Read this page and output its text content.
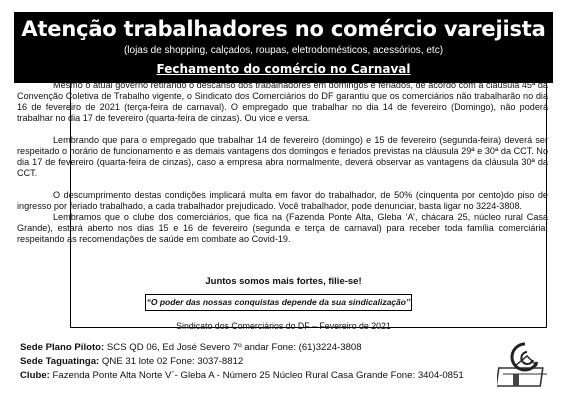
Atenção trabalhadores no comércio varejista
(lojas de shopping, calçados, roupas, eletrodomésticos, acessórios, etc)
Fechamento do comércio no Carnaval

Mesmo o atual governo retirando o descanso dos trabalhadores em domingos e feriados, de acordo com a cláusula 45ª da Convenção Coletiva de Trabalho vigente, o Sindicato dos Comerciários do DF garantiu que os comerciários não trabalharão no dia 16 de fevereiro de 2021 (terça-feira de carnaval). O empregado que trabalhar no dia 14 de fevereiro (Domingo), não poderá trabalhar no dia 17 de fevereiro (quarta-feira de cinzas). Ou vice e versa.

Lembrando que para o empregado que trabalhar 14 de fevereiro (domingo) e 15 de fevereiro (segunda-feira) deverá ser respeitado o horário de funcionamento e as demais vantagens dos domingos e feriados previstas na cláusula 29ª e 30ª da CCT. No dia 17 de fevereiro (quarta-feira de cinzas), caso a empresa abra normalmente, deverá observar as vantagens da cláusula 30ª da CCT.

O descumprimento destas condições implicará multa em favor do trabalhador, de 50% (cinquenta por cento)do piso de ingresso por feriado trabalhado, a cada trabalhador prejudicado. Você trabalhador, pode denunciar, basta ligar no 3224-3808.

Lembramos que o clube dos comerciários, que fica na (Fazenda Ponte Alta, Gleba ‘A’, chácara 25, núcleo rural Casa Grande), estará aberto nos dias 15 e 16 de fevereiro (segunda e terça de carnaval) para receber toda família comerciária, respeitando as recomendações de saúde em combate ao Covid-19.

Juntos somos mais fortes, filie-se!
“O poder das nossas conquistas depende da sua sindicalização’’
Sindicato dos Comerciários do DF – Fevereiro de 2021
Sede Plano Piloto: SCS QD 06, Ed José Severo 7º andar Fone: (61)3224-3808
Sede Taguatinga: QNE 31 lote 02 Fone: 3037-8812
Clube: Fazenda Ponte Alta Norte V´- Gleba A - Número 25 Núcleo Rural Casa Grande Fone: 3404-0851
